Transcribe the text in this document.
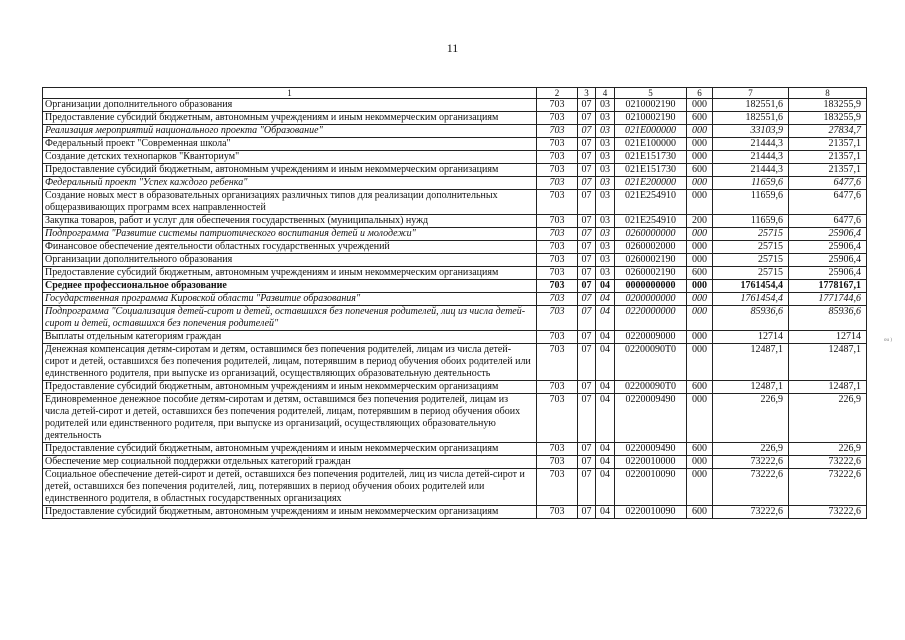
11
1	2	3	4	5	6	7	8
Организации дополнительного образования	703	07	03	0210002190	000	182551,6	183255,9
Предоставление субсидий бюджетным, автономным учреждениям и иным некоммерческим организациям	703	07	03	0210002190	600	182551,6	183255,9
Реализация мероприятий национального проекта "Образование"	703	07	03	021E000000	000	33103,9	27834,7
Федеральный проект "Современная школа"	703	07	03	021E100000	000	21444,3	21357,1
Создание детских технопарков "Кванториум"	703	07	03	021E151730	000	21444,3	21357,1
Предоставление субсидий бюджетным, автономным учреждениям и иным некоммерческим организациям	703	07	03	021E151730	600	21444,3	21357,1
Федеральный проект "Успех каждого ребенка"	703	07	03	021E200000	000	11659,6	6477,6
Создание новых мест в образовательных организациях различных типов для реализации дополнительных общеразвивающих программ всех направленностей	703	07	03	021E254910	000	11659,6	6477,6
Закупка товаров, работ и услуг для обеспечения государственных (муниципальных) нужд	703	07	03	021E254910	200	11659,6	6477,6
Подпрограмма "Развитие системы патриотического воспитания детей и молодежи"	703	07	03	0260000000	000	25715	25906,4
Финансовое обеспечение деятельности областных государственных учреждений	703	07	03	0260002000	000	25715	25906,4
Организации дополнительного образования	703	07	03	0260002190	000	25715	25906,4
Предоставление субсидий бюджетным, автономным учреждениям и иным некоммерческим организациям	703	07	03	0260002190	600	25715	25906,4
Среднее профессиональное образование	703	07	04	0000000000	000	1761454,4	1778167,1
Государственная программа Кировской области "Развитие образования"	703	07	04	0200000000	000	1761454,4	1771744,6
Подпрограмма "Социализация детей-сирот и детей, оставшихся без попечения родителей, лиц из числа детей-сирот и детей, оставшихся без попечения родителей"	703	07	04	0220000000	000	85936,6	85936,6
Выплаты отдельным категориям граждан	703	07	04	0220009000	000	12714	12714
Денежная компенсация детям-сиротам и детям, оставшимся без попечения родителей, лицам из числа детей-сирот и детей, оставшихся без попечения родителей, лицам, потерявшим в период обучения обоих родителей или единственного родителя, при выпуске из организаций, осуществляющих образовательную деятельность	703	07	04	02200090Т0	000	12487,1	12487,1
Предоставление субсидий бюджетным, автономным учреждениям и иным некоммерческим организациям	703	07	04	02200090Т0	600	12487,1	12487,1
Единовременное денежное пособие детям-сиротам и детям, оставшимся без попечения родителей, лицам из числа детей-сирот и детей, оставшихся без попечения родителей, лицам, потерявшим в период обучения обоих родителей или единственного родителя, при выпуске из организаций, осуществляющих образовательную деятельность	703	07	04	0220009490	000	226,9	226,9
Предоставление субсидий бюджетным, автономным учреждениям и иным некоммерческим организациям	703	07	04	0220009490	600	226,9	226,9
Обеспечение мер социальной поддержки отдельных категорий граждан	703	07	04	0220010000	000	73222,6	73222,6
Социальное обеспечение детей-сирот и детей, оставшихся без попечения родителей, лиц из числа детей-сирот и детей, оставшихся без попечения родителей, лиц, потерявших в период обучения обоих родителей или единственного родителя, в областных государственных организациях	703	07	04	0220010090	000	73222,6	73222,6
Предоставление субсидий бюджетным, автономным учреждениям и иным некоммерческим организациям	703	07	04	0220010090	600	73222,6	73222,6
ou )
